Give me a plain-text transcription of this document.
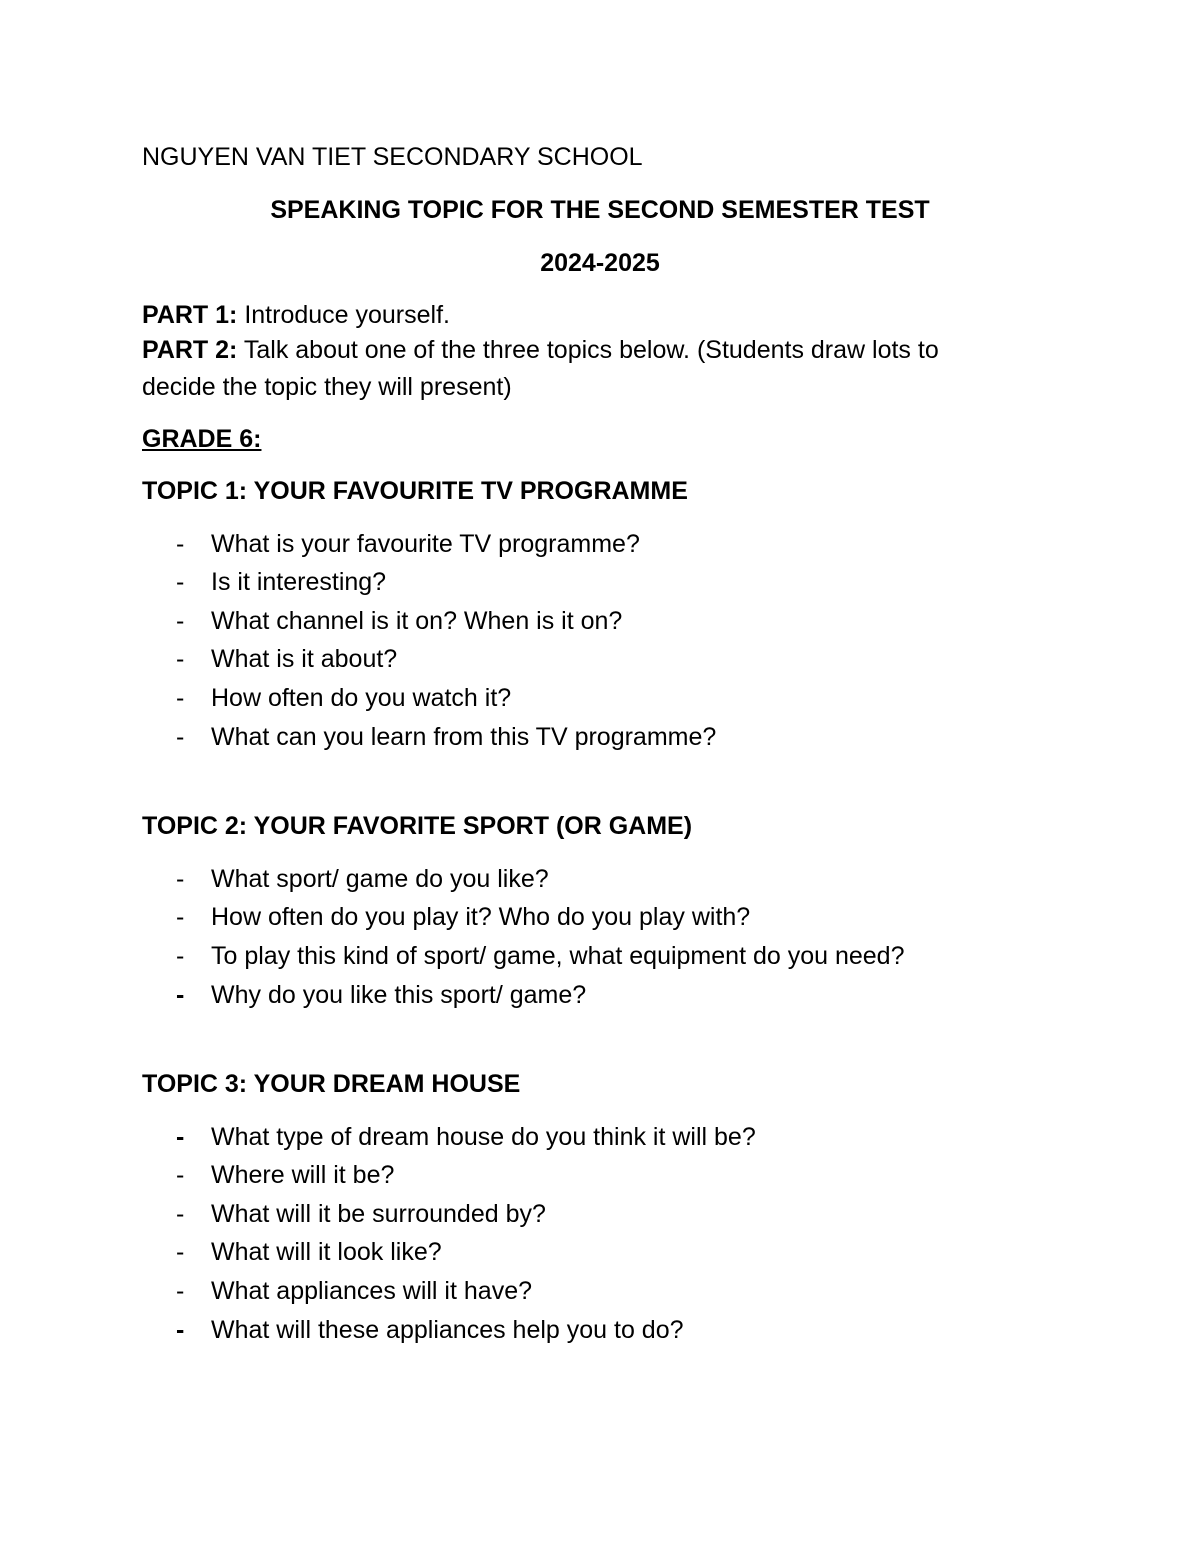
NGUYEN VAN TIET SECONDARY SCHOOL
SPEAKING TOPIC FOR THE SECOND SEMESTER TEST
2024-2025
PART 1: Introduce yourself.
PART 2: Talk about one of the three topics below. (Students draw lots to
decide the topic they will present)
GRADE 6:
TOPIC 1: YOUR FAVOURITE TV PROGRAMME
- What is your favourite TV programme?
- Is it interesting?
- What channel is it on? When is it on?
- What is it about?
- How often do you watch it?
- What can you learn from this TV programme?
TOPIC 2: YOUR FAVORITE SPORT (OR GAME)
- What sport/ game do you like?
- How often do you play it? Who do you play with?
- To play this kind of sport/ game, what equipment do you need?
- Why do you like this sport/ game?
TOPIC 3: YOUR DREAM HOUSE
- What type of dream house do you think it will be?
- Where will it be?
- What will it be surrounded by?
- What will it look like?
- What appliances will it have?
- What will these appliances help you to do?
